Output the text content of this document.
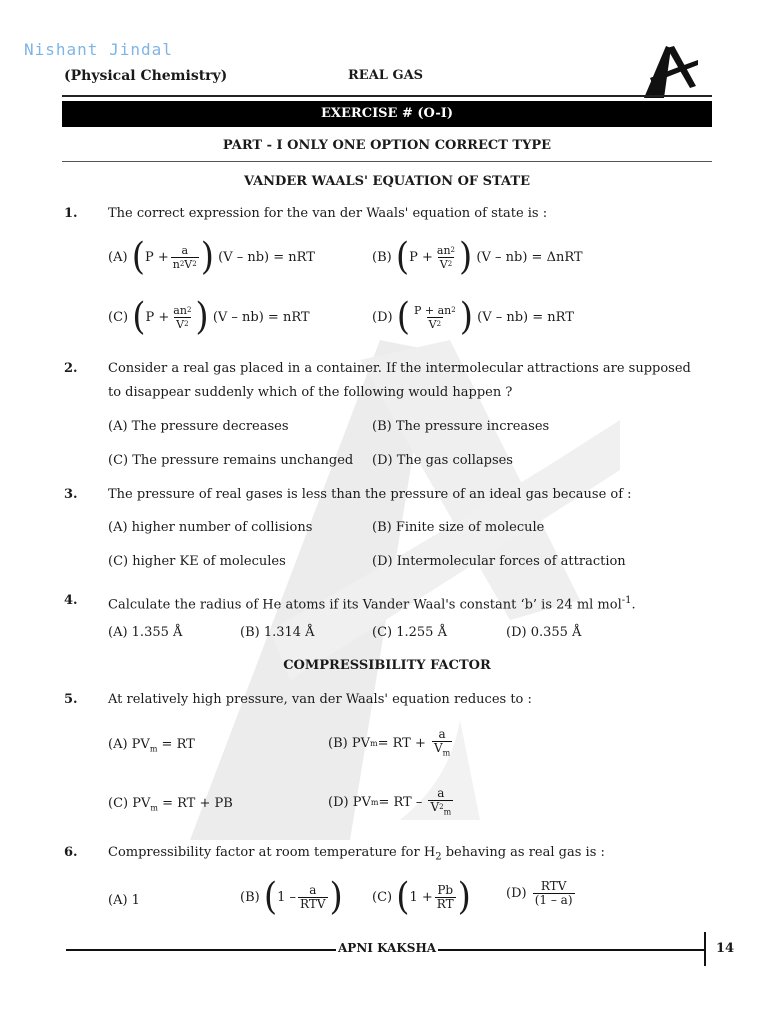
Nishant Jindal
(Physical Chemistry)	REAL GAS
EXERCISE # (O-I)
PART - I ONLY ONE OPTION CORRECT TYPE
VANDER WAALS' EQUATION OF STATE
1. The correct expression for the van der Waals' equation of state is :
(A)
( $P + \frac{a}{n^2V^2}$ )
(V – nb) = nRT	(B)
( $P + \frac{an^2}{V^2}$ )
(V – nb) = ΔnRT
(C)
( $P + \frac{an^2}{V^2}$ )
(V – nb) = nRT	(D)
( $\frac{P + an^2}{V^2}$ )
(V – nb) = nRT
2. Consider a real gas placed in a container. If the intermolecular attractions are supposed to disappear suddenly which of the following would happen ?
(A) The pressure decreases	(B) The pressure increases
(C) The pressure remains unchanged (D) The gas collapses
3. The pressure of real gases is less than the pressure of an ideal gas because of :
(A) higher number of collisions	(B) Finite size of molecule
(C) higher KE of molecules	(D) Intermolecular forces of attraction
4. Calculate the radius of He atoms if its Vander Waal's constant ‘b’ is 24 ml mol$^{-1}$.
(A) 1.355 Å	(B) 1.314 Å	(C) 1.255 Å	(D) 0.355 Å
COMPRESSIBILITY FACTOR
5. At relatively high pressure, van der Waals' equation reduces to :
(A) $PV_m$ = RT	(B) PV m = RT +
$\frac{a}{V_m}$
(C) $PV_m$ = RT + PB	(D) PV m = RT –
$\frac{a}{V^2_m}$
6. Compressibility factor at room temperature for $H_2$ behaving as real gas is :
(A) 1	(B)
( $1 - \frac{a}{\text{RTV}}$ ) (C)
( $1 + \frac{Pb}{RT}$ )	(D)
$\frac{\text{RTV}}{(1 - a)}$
APNI KAKSHA	14
